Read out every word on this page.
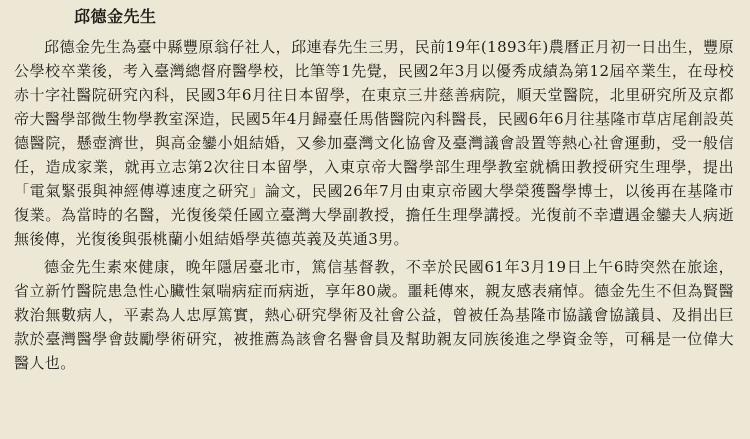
邱德金先生

邱德金先生為臺中縣豐原翁仔社人，邱連春先生三男，民前19年(1893年)農曆正月初一日出生，豐原公學校卒業後，考入臺灣總督府醫學校，比筆等1先覺，民國2年3月以優秀成績為第12屆卒業生，在母校赤十字社醫院研究內科，民國3年6月往日本留學，在東京三井慈善病院，順天堂醫院，北里研究所及京都帝大醫學部微生物學教室深造，民國5年4月歸臺任馬偕醫院內科醫長，民國6年6月往基隆市草店尾創設英德醫院，懸壺濟世，與高金鑾小姐結婚，又參加臺灣文化協會及臺灣議會設置等熱心社會運動，受一般信任，造成家業，就再立志第2次往日本留學，入東京帝大醫學部生理學教室就橋田教授研究生理學，提出「電氣緊張與神經傳導速度之研究」論文，民國26年7月由東京帝國大學榮獲醫學博士，以後再在基隆市復業。為當時的名醫，光復後榮任國立臺灣大學副教授，擔任生理學講授。光復前不幸遭遇金鑾夫人病逝無後傳，光復後與張桃蘭小姐結婚學英德英義及英通3男。

德金先生素來健康，晚年隱居臺北市，篤信基督教，不幸於民國61年3月19日上午6時突然在旅途，省立新竹醫院患急性心臟性氣喘病症而病逝，享年80歲。噩耗傳來，親友感表痛悼。德金先生不但為賢醫救治無數病人，平素為人忠厚篤實，熱心研究學術及社會公益，曾被任為基隆市協議會協議員、及捐出巨款於臺灣醫學會鼓勵學術研究，被推薦為該會名譽會員及幫助親友同族後進之學資金等，可稱是一位偉大醫人也。
